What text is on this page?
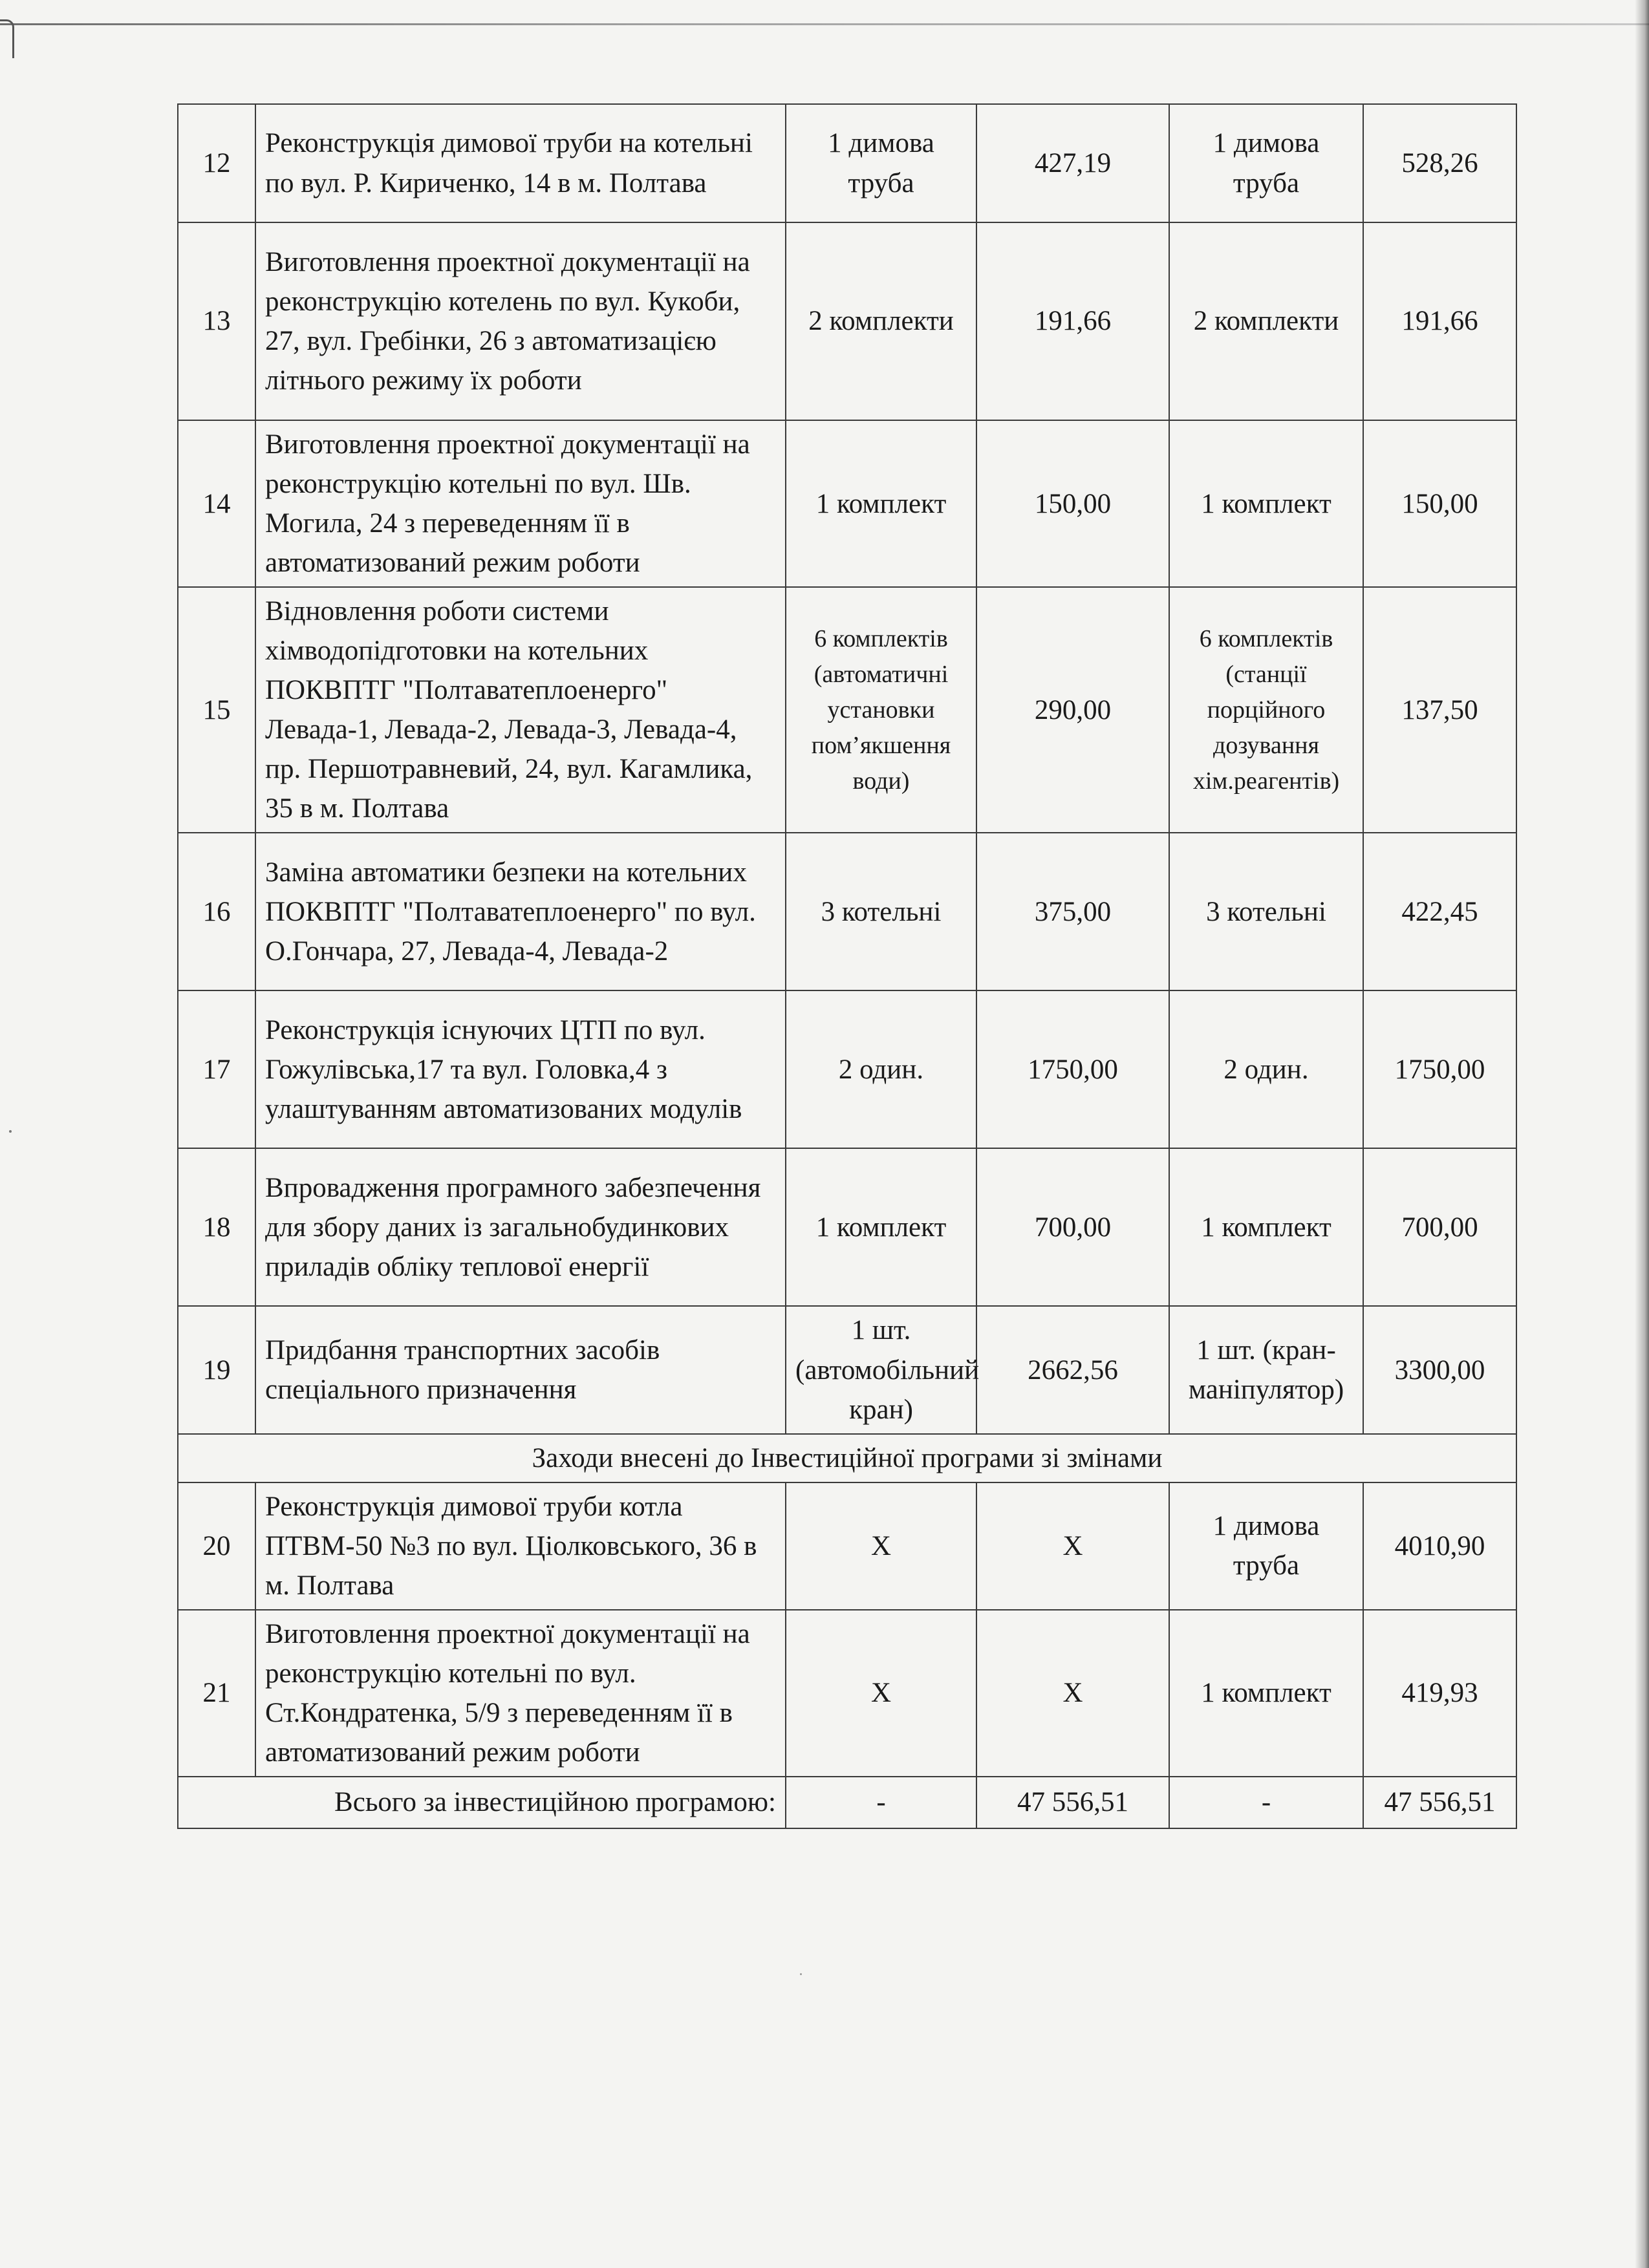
12	Реконструкція димової труби на котельні по вул. Р. Кириченко, 14 в м. Полтава	1 димова труба	427,19	1 димова труба	528,26
13	Виготовлення проектної документації на реконструкцію котелень по вул. Кукоби, 27, вул. Гребінки, 26 з автоматизацією літнього режиму їх роботи	2 комплекти	191,66	2 комплекти	191,66
14	Виготовлення проектної документації на реконструкцію котельні по вул. Шв. Могила, 24 з переведенням її в автоматизований режим роботи	1 комплект	150,00	1 комплект	150,00
15	Відновлення роботи системи хімводопідготовки на котельних ПОКВПТГ "Полтаватеплоенерго" Левада-1, Левада-2, Левада-3, Левада-4, пр. Першотравневий, 24, вул. Кагамлика, 35 в м. Полтава	6 комплектів (автоматичні установки пом’якшення води)	290,00	6 комплектів (станції порційного дозування хім.реагентів)	137,50
16	Заміна автоматики безпеки на котельних ПОКВПТГ "Полтаватеплоенерго" по вул. О.Гончара, 27, Левада-4, Левада-2	3 котельні	375,00	3 котельні	422,45
17	Реконструкція існуючих ЦТП по вул. Гожулівська,17 та вул. Головка,4 з улаштуванням автоматизованих модулів	2 один.	1750,00	2 один.	1750,00
18	Впровадження програмного забезпечення для збору даних із загальнобудинкових приладів обліку теплової енергії	1 комплект	700,00	1 комплект	700,00
19	Придбання транспортних засобів спеціального призначення	1 шт. (автомобільний кран)	2662,56	1 шт. (кран-маніпулятор)	3300,00
Заходи внесені до Інвестиційної програми зі змінами					
20	Реконструкція димової труби котла ПТВМ-50 №3 по вул. Ціолковського, 36 в м. Полтава	Х	Х	1 димова труба	4010,90
21	Виготовлення проектної документації на реконструкцію котельні по вул. Ст.Кондратенка, 5/9 з переведенням її в автоматизований режим роботи	Х	Х	1 комплект	419,93
Всього за інвестиційною програмою:		-	47 556,51	-	47 556,51
